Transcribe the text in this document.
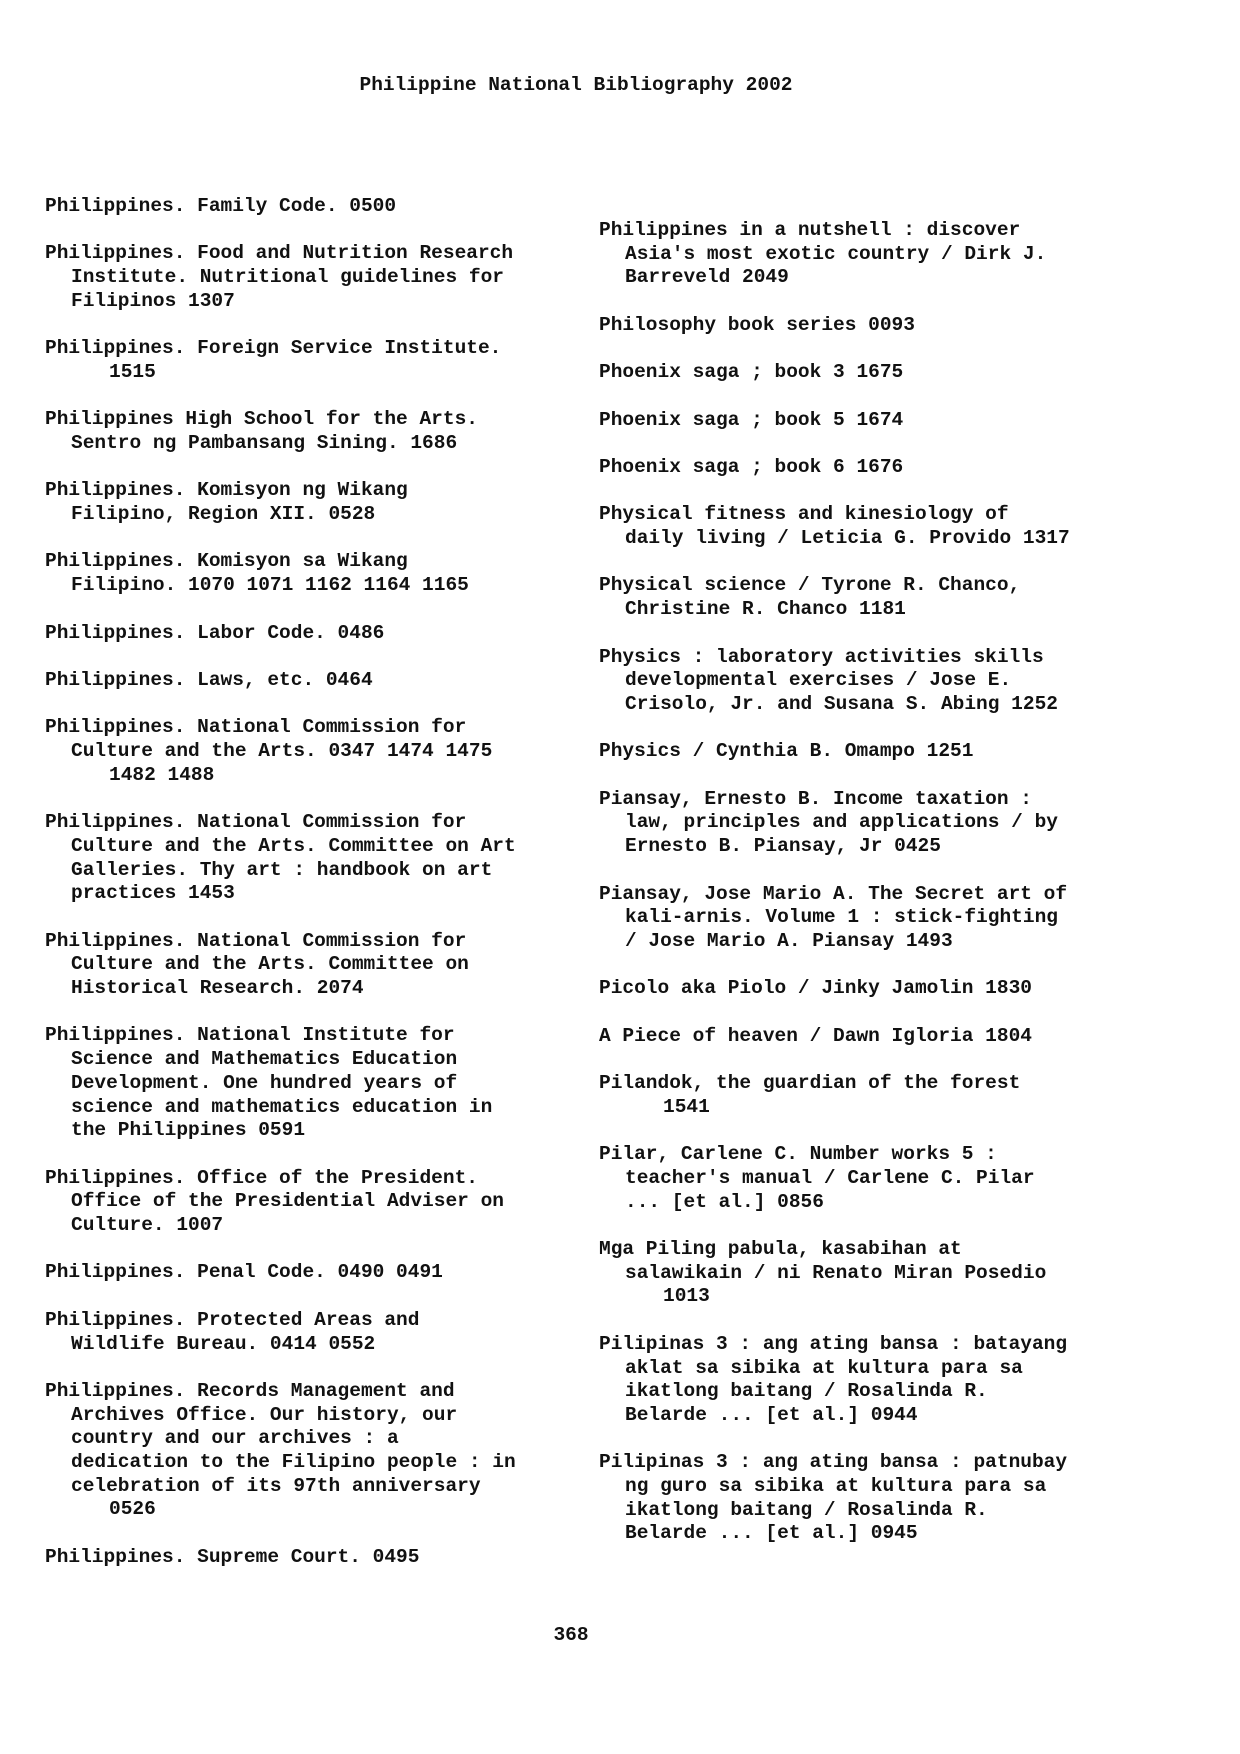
Philippine National Bibliography 2002
Philippines. Family Code. 0500
Philippines. Food and Nutrition Research
Institute. Nutritional guidelines for
Filipinos 1307
Philippines. Foreign Service Institute.
1515
Philippines High School for the Arts.
Sentro ng Pambansang Sining. 1686
Philippines. Komisyon ng Wikang
Filipino, Region XII. 0528
Philippines. Komisyon sa Wikang
Filipino. 1070 1071 1162 1164 1165
Philippines. Labor Code. 0486
Philippines. Laws, etc. 0464
Philippines. National Commission for
Culture and the Arts. 0347 1474 1475
1482 1488
Philippines. National Commission for
Culture and the Arts. Committee on Art
Galleries. Thy art : handbook on art
practices 1453
Philippines. National Commission for
Culture and the Arts. Committee on
Historical Research. 2074
Philippines. National Institute for
Science and Mathematics Education
Development. One hundred years of
science and mathematics education in
the Philippines 0591
Philippines. Office of the President.
Office of the Presidential Adviser on
Culture. 1007
Philippines. Penal Code. 0490 0491
Philippines. Protected Areas and
Wildlife Bureau. 0414 0552
Philippines. Records Management and
Archives Office. Our history, our
country and our archives : a
dedication to the Filipino people : in
celebration of its 97th anniversary
0526
Philippines. Supreme Court. 0495
Philippines in a nutshell : discover
Asia's most exotic country / Dirk J.
Barreveld 2049
Philosophy book series 0093
Phoenix saga ; book 3 1675
Phoenix saga ; book 5 1674
Phoenix saga ; book 6 1676
Physical fitness and kinesiology of
daily living / Leticia G. Provido 1317
Physical science / Tyrone R. Chanco,
Christine R. Chanco 1181
Physics : laboratory activities skills
developmental exercises / Jose E.
Crisolo, Jr. and Susana S. Abing 1252
Physics / Cynthia B. Omampo 1251
Piansay, Ernesto B. Income taxation :
law, principles and applications / by
Ernesto B. Piansay, Jr 0425
Piansay, Jose Mario A. The Secret art of
kali-arnis. Volume 1 : stick-fighting
/ Jose Mario A. Piansay 1493
Picolo aka Piolo / Jinky Jamolin 1830
A Piece of heaven / Dawn Igloria 1804
Pilandok, the guardian of the forest
1541
Pilar, Carlene C. Number works 5 :
teacher's manual / Carlene C. Pilar
... [et al.] 0856
Mga Piling pabula, kasabihan at
salawikain / ni Renato Miran Posedio
1013
Pilipinas 3 : ang ating bansa : batayang
aklat sa sibika at kultura para sa
ikatlong baitang / Rosalinda R.
Belarde ... [et al.] 0944
Pilipinas 3 : ang ating bansa : patnubay
ng guro sa sibika at kultura para sa
ikatlong baitang / Rosalinda R.
Belarde ... [et al.] 0945
368
